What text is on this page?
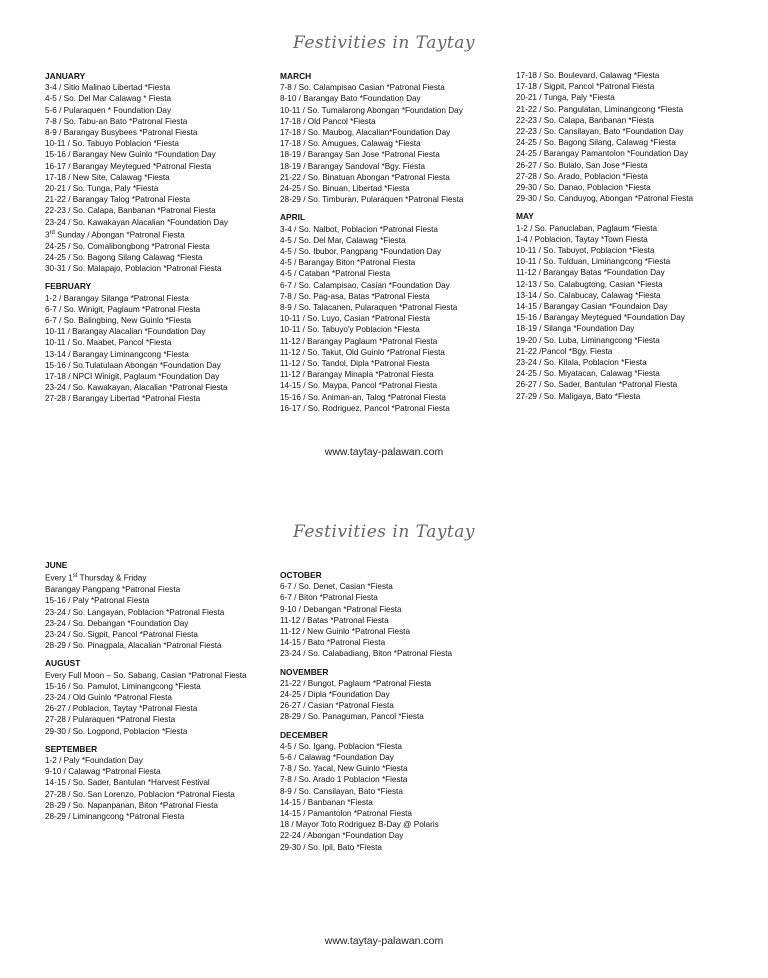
Festivities in Taytay
JANUARY
3-4 / Sitio Malinao Libertad *Fiesta
4-5 / So. Del Mar Calawag * Fiesta
5-6 / Pularaquen * Foundation Day
7-8 / So. Tabu-an Bato *Patronal Fiesta
8-9 / Barangay Busybees *Patronal Fiesta
10-11 / So. Tabuyo Poblacion *Fiesta
15-16 / Barangay New Guinlo *Foundation Day
16-17 / Barangay Meytegued *Patronal Fiesta
17-18 / New Site, Calawag *Fiesta
20-21 / So. Tunga, Paly *Fiesta
21-22 / Barangay Talog *Patronal Fiesta
22-23 / So. Calapa, Banbanan *Patronal Fiesta
23-24 / So. Kawakayan Alacalian *Foundation Day
3rd Sunday / Abongan *Patronal Fiesta
24-25 / So. Comalibongbong *Patronal Fiesta
24-25 / So. Bagong Silang Calawag *Fiesta
30-31 / So. Malapajo, Poblacion *Patronal Fiesta
FEBRUARY
1-2 / Barangay Silanga *Patronal Fiesta
6-7 / So. Winigit, Paglaum *Patronal Fiesta
6-7 / So. Balingbing, New Guinlo *Fiesta
10-11 / Barangay Alacalian *Foundation Day
10-11 / So. Maabet, Pancol *Fiesta
13-14 / Barangay Liminangcong *Fiesta
15-16 / So.Tulatulaan Abongan *Foundation Day
17-18 / NPCI Winigit, Paglaum *Foundation Day
23-24 / So. Kawakayan, Alacalian *Patronal Fiesta
27-28 / Barangay Libertad *Patronal Fiesta
MARCH
7-8 / So. Calampisao Casian *Patronal Fiesta
8-10 / Barangay Bato *Foundation Day
10-11 / So. Tumalarong Abongan *Foundation Day
17-18 / Old Pancol *Fiesta
17-18 / So. Maubog, Alacalian*Foundation Day
17-18 / So. Amugues, Calawag *Fiesta
18-19 / Barangay San Jose *Patronal Fiesta
18-19 / Barangay Sandoval *Bgy. Fiesta
21-22 / So. Binatuan Abongan *Patronal Fiesta
24-25 / So. Binuan, Libertad *Fiesta
28-29 / So. Timburan, Pularaquen *Patronal Fiesta
APRIL
3-4 / So. Nalbot, Poblacion *Patronal Fiesta
4-5 / So. Del Mar, Calawag *Fiesta
4-5 / So. Ibubor, Pangpang *Foundation Day
4-5 / Barangay Biton *Patronal Fiesta
4-5 / Cataban *Patronal Fiesta
6-7 / So. Calampisao, Casian *Foundation Day
7-8 / So. Pag-asa, Batas *Patronal Fiesta
8-9 / So. Talacanen, Pularaquen *Patronal Fiesta
10-11 / So. Luyo, Casian *Patronal Fiesta
10-11 / So. Tabuyo'y Poblacion *Fiesta
11-12 / Barangay Paglaum *Patronal Fiesta
11-12 / So. Takut, Old Guinlo *Patronal Fiesta
11-12 / So. Tandol, Dipla *Patronal Fiesta
11-12 / Barangay Minapla *Patronal Fiesta
14-15 / So. Maypa, Pancol *Patronal Fiesta
15-16 / So. Animan-an, Talog *Patronal Fiesta
16-17 / So. Rodriguez, Pancol *Patronal Fiesta
17-18 / So. Boulevard, Calawag *Fiesta
17-18 / Sigpit, Pancol *Patronal Fiesta
20-21 / Tunga, Paly *Fiesta
21-22 / So. Pangulatan, Liminangcong *Fiesta
22-23 / So. Calapa, Banbanan *Fiesta
22-23 / So. Cansilayan, Bato *Foundation Day
24-25 / So. Bagong Silang, Calawag *Fiesta
24-25 / Barangay Pamantolon *Foundation Day
26-27 / So. Bulalo, San Jose *Fiesta
27-28 / So. Arado, Poblacion *Fiesta
29-30 / So. Danao, Poblacion *Fiesta
29-30 / So. Canduyog, Abongan *Patronal Fiesta
MAY
1-2 / So. Panuclaban, Paglaum *Fiesta
1-4 / Poblacion, Taytay *Town Fiesta
10-11 / So. Tabuyot, Poblacion *Fiesta
10-11 / So. Tulduan, Liminangcong *Fiesta
11-12 / Barangay Batas *Foundation Day
12-13 / So. Calabugtong, Casian *Fiesta
13-14 / So. Calabucay, Calawag *Fiesta
14-15 / Barangay Casian *Foundaion Day
15-16 / Barangay Meytegued *Foundation Day
18-19 / Silanga *Foundation Day
19-20 / So. Luba, Liminangcong *Fiesta
21-22 /Pancol *Bgy. Fiesta
23-24 / So. Kilala, Poblacion *Fiesta
24-25 / So. Miyatacan, Calawag *Fiesta
26-27 / So. Sader, Bantulan *Patronal Fiesta
27-29 / So. Maligaya, Bato *Fiesta
www.taytay-palawan.com
Festivities in Taytay
JUNE
Every 1st Thursday & Friday
Barangay Pangpang *Patronal Fiesta
15-16 / Paly *Patronal Fiesta
23-24 / So. Langayan, Poblacion *Patronal Fiesta
23-24 / So. Debangan *Foundation Day
23-24 / So. Sigpit, Pancol *Patronal Fiesta
28-29 / So. Pinagpala, Alacalian *Patronal Fiesta
AUGUST
Every Full Moon – So. Sabang, Casian *Patronal Fiesta
15-16 / So. Pamulot, Liminangcong *Fiesta
23-24 / Old Guinlo *Patronal Fiesta
26-27 / Poblacion, Taytay *Patronal Fiesta
27-28 / Pularaquen *Patronal Fiesta
29-30 / So. Logpond, Poblacion *Fiesta
SEPTEMBER
1-2 / Paly *Foundation Day
9-10 / Calawag *Patronal Fiesta
14-15 / So. Sader, Bantulan *Harvest Festival
27-28 / So. San Lorenzo, Poblacion *Patronal Fiesta
28-29 / So. Napanpanan, Biton *Patronal Fiesta
28-29 / Liminangcong *Patronal Fiesta
OCTOBER
6-7 / So. Denet, Casian *Fiesta
6-7 / Biton *Patronal Fiesta
9-10 / Debangan *Patronal Fiesta
11-12 / Batas *Patronal Fiesta
11-12 / New Guinlo *Patronal Fiesta
14-15 / Bato *Patronal Fiesta
23-24 / So. Calabadiang, Biton *Patronal Fiesta
NOVEMBER
21-22 / Bungot, Paglaum *Patronal Fiesta
24-25 / Dipla *Foundation Day
26-27 / Casian *Patronal Fiesta
28-29 / So. Panaguman, Pancol *Fiesta
DECEMBER
4-5 / So. Igang, Poblacion *Fiesta
5-6 / Calawag *Foundation Day
7-8 / So. Yacal, New Guinlo *Fiesta
7-8 / So. Arado 1 Poblacion *Fiesta
8-9 / So. Cansilayan, Bato *Fiesta
14-15 / Banbanan *Fiesta
14-15 / Pamantolon *Patronal Fiesta
18 / Mayor Toto Rodriguez B-Day @ Polaris
22-24 / Abongan *Foundation Day
29-30 / So. Ipil, Bato *Fiesta
www.taytay-palawan.com
